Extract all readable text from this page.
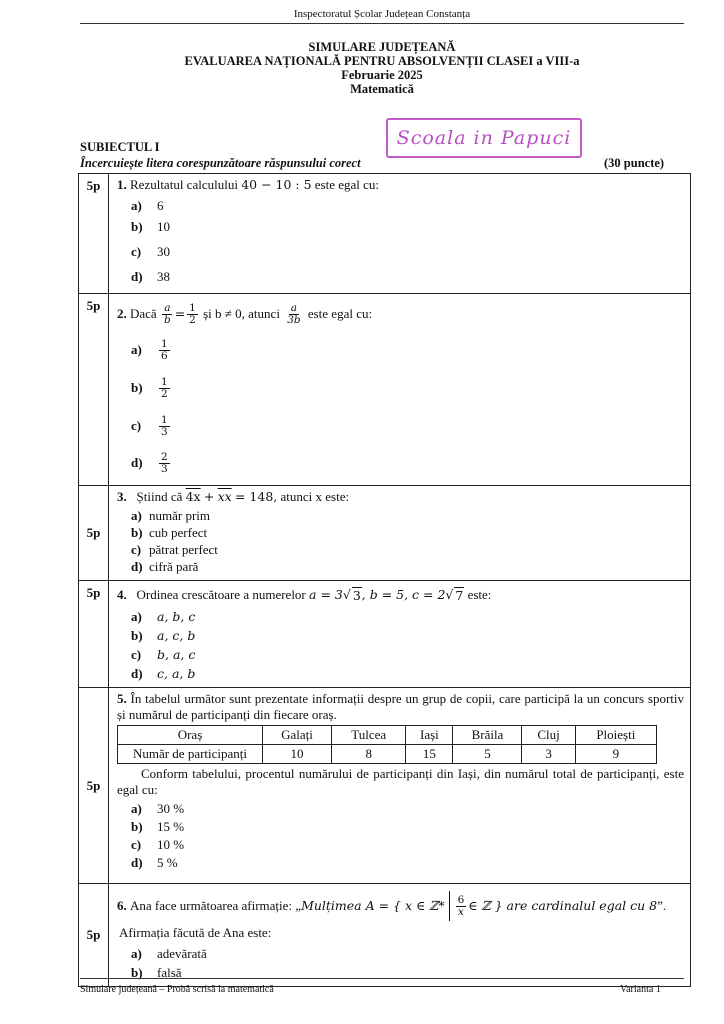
Inspectoratul Școlar Județean Constanța
SIMULARE JUDEȚEANĂ
EVALUAREA NAȚIONALĂ PENTRU ABSOLVENȚII CLASEI a VIII-a
Februarie 2025
Matematică
Scoala in Papuci
SUBIECTUL I
Încercuiește litera corespunzătoare răspunsului corect	(30 puncte)
5p	1. Rezultatul calculului 40 − 10 : 5 este egal cu:
a)	6
b)	10
c)	30
d)	38

5p	
2.
Dacă
$\frac{a}{b} = \frac{1}{2}$
și b ≠ 0, atunci
$\frac{a}{3b}$
este egal cu:
a)	$\frac{1}{6}$
b)	$\frac{1}{2}$
c)	$\frac{1}{3}$
d)	$\frac{2}{3}$

5p	
3. Știind că $4x + \overline{xx} = 148$, atunci x este:
a) număr prim
b) cub perfect
c) pătrat perfect
d) cifră pară

5p	4. Ordinea crescătoare a numerelor a = 3√ 3 , b = 5, c = 2√ 7 este:
a)	a, b, c
b)	a, c, b
c)	b, a, c
d)	c, a, b

5p	
5. În tabelul următor sunt prezentate informații despre un grup de copii, care participă la un concurs sportiv și numărul de participanți din fiecare oraș.
Oraș	Galați	Tulcea	Iași	Brăila	Cluj	Ploiești
Număr de participanți	10	8	15	5	3	9
Conform tabelului, procentul numărului de participanți din Iași, din numărul total de participanți, este egal cu:
a)	30 %
b)	15 %
c)	10 %
d)	5 %

5p	
6.
Ana face următoarea afirmație: „ Mulțimea A = { x ∈ ℤ* $\frac{6}{x}$ ∈ ℤ } are cardinalul egal cu 8 ”.
Afirmația făcută de Ana este:
a)	adevărată
b)	falsă
Simulare județeană – Probă scrisă la matematică	Varianta 1
